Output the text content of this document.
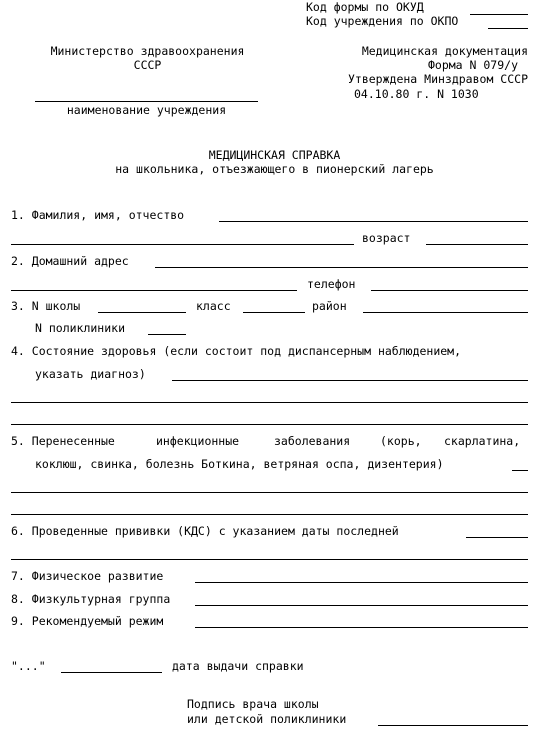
Код формы по ОКУД
Код учреждения по ОКПО
Министерство здравоохранения
СССР
наименование учреждения
Медицинская документация
Форма N 079/у
Утверждена Минздравом СССР
04.10.80 г. N 1030
МЕДИЦИНСКАЯ СПРАВКА
на школьника, отъезжающего в пионерский лагерь
1. Фамилия, имя, отчество
возраст
2. Домашний адрес
телефон
3. N школы	класс	район
N поликлиники
4. Состояние здоровья (если состоит под диспансерным наблюдением,
указать диагноз)
5. Перенесенные	инфекционные	заболевания	(корь, скарлатина,
коклюш, свинка, болезнь Боткина, ветряная оспа, дизентерия)
6. Проведенные прививки (КДС) с указанием даты последней
7. Физическое развитие
8. Физкультурная группа
9. Рекомендуемый режим
"..."	дата выдачи справки
Подпись врача школы
или детской поликлиники
